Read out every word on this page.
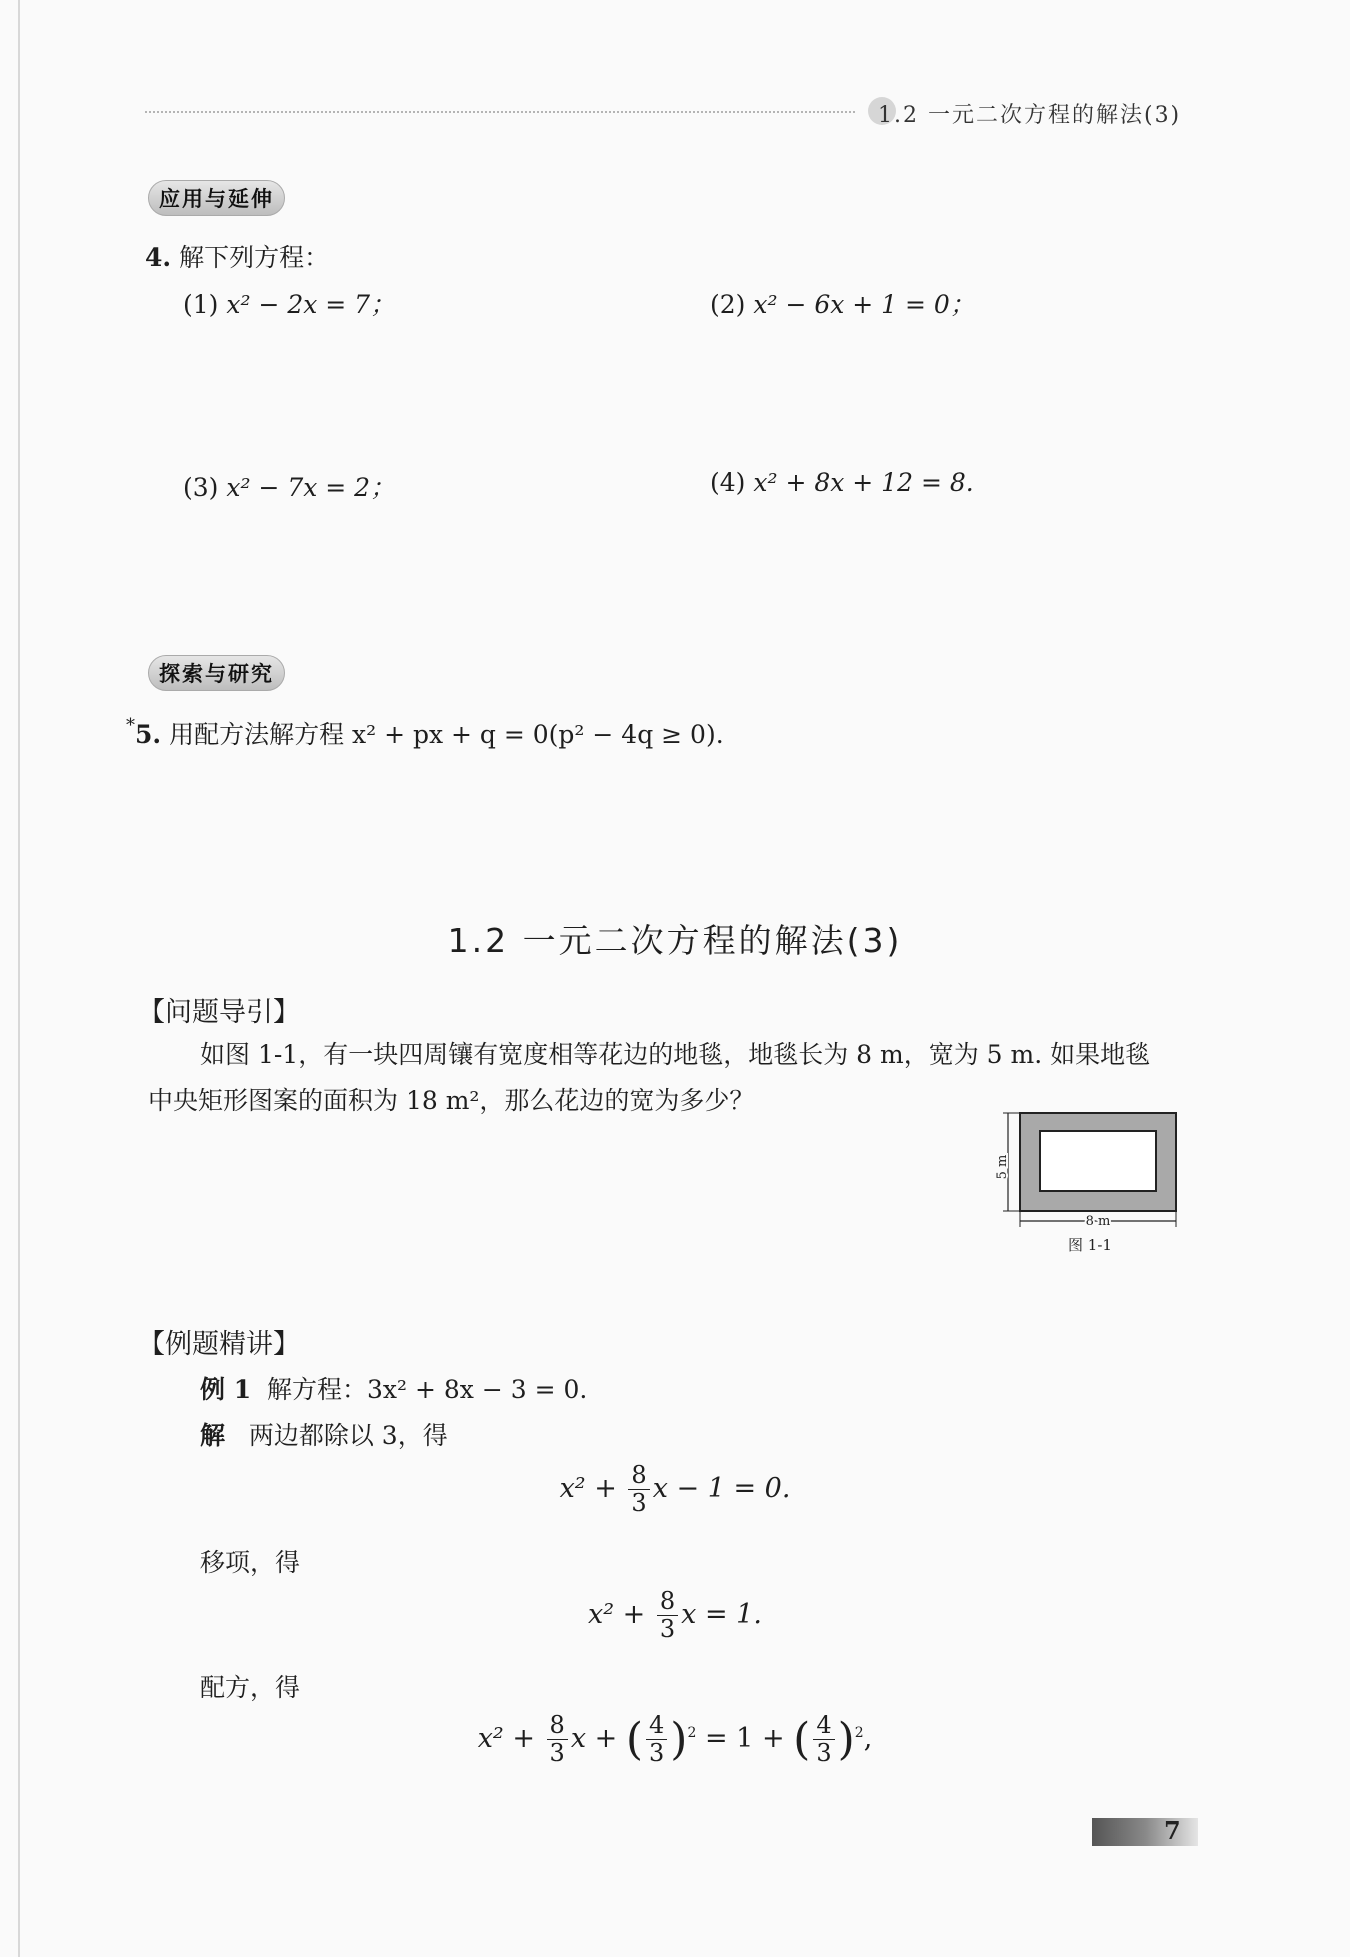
1.2 一元二次方程的解法(3)
应用与延伸
4. 解下列方程：
(1) x² − 2x = 7；	(2) x² − 6x + 1 = 0；
(3) x² − 7x = 2；	(4) x² + 8x + 12 = 8.
探索与研究
*5. 用配方法解方程 x² + px + q = 0(p² − 4q ≥ 0).
1.2 一元二次方程的解法(3)
【问题导引】
如图 1-1，有一块四周镶有宽度相等花边的地毯，地毯长为 8 m，宽为 5 m. 如果地毯
中央矩形图案的面积为 18 m²，那么花边的宽为多少？
5 m
8 m
图 1-1
【例题精讲】
例 1 解方程：3x² + 8x − 3 = 0.
解 两边都除以 3，得
$x^2 + \frac{8}{3}$ x − 1 = 0.
移项，得
$x^2 + \frac{8}{3}$ x = 1.
配方，得
$x^2 + \frac{8}{3}$ x + ( $\frac{4}{3} )^2 = 1$ + ( $\frac{4}{3} )^2$,
7
